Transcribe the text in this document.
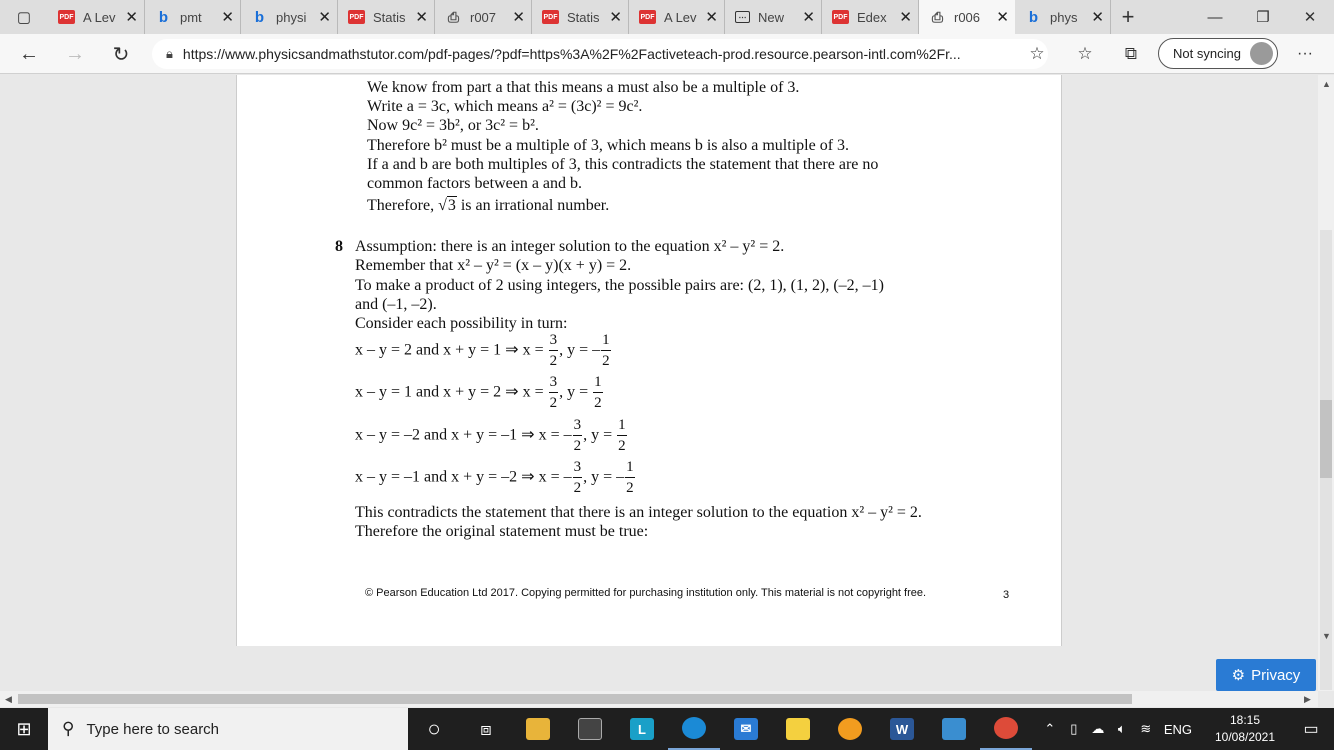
▢	PDF A Lev ✕ b pmt	✕ b physi ✕	PDF Statis ✕ ⎙ r007	✕	PDF Statis ✕	PDF A Lev ✕	⋯ New	✕	PDF Edex ✕ ⎙ r006	✕ b phys ✕ +	— ❐ ✕
← → ↻	🔒︎ https://www.physicsandmathstutor.com/pdf-pages/?pdf=https%3A%2F%2Factiveteach-prod.resource.pearson-intl.com%2Fr...	☆ ☆ ⧉	Not syncing	···
We know from part a that this means a must also be a multiple of 3.
Write a = 3c, which means a² = (3c)² = 9c².
Now 9c² = 3b², or 3c² = b².
Therefore b² must be a multiple of 3, which means b is also a multiple of 3.
If a and b are both multiples of 3, this contradicts the statement that there are no
common factors between a and b.
Therefore, √3 is an irrational number.
8 Assumption: there is an integer solution to the equation x² – y² = 2.
Remember that x² – y² = (x – y)(x + y) = 2.
To make a product of 2 using integers, the possible pairs are: (2, 1), (1, 2), (–2, –1)
and (–1, –2).
Consider each possibility in turn:
x – y = 2 and x + y = 1 ⇒ $x = \frac{3}{2}$ , y = – $\frac{1}{2}$
x – y = 1 and x + y = 2 ⇒ $x = \frac{3}{2}$ , $y = \frac{1}{2}$
x – y = –2 and x + y = –1 ⇒ x = – $\frac{3}{2}$ , $y = \frac{1}{2}$
x – y = –1 and x + y = –2 ⇒ x = – $\frac{3}{2}$ , y = – $\frac{1}{2}$
This contradicts the statement that there is an integer solution to the equation x² – y² = 2.
Therefore the original statement must be true:
© Pearson Education Ltd 2017. Copying permitted for purchasing institution only. This material is not copyright free.	3
▲
▼
⚙ Privacy
◀	▶
⊞ ⚲ Type here to search	○ ⧈	L	✉	W	⌃	▯	☁	🔈︎	≋ ENG
18:15
10/08/2021	▭
